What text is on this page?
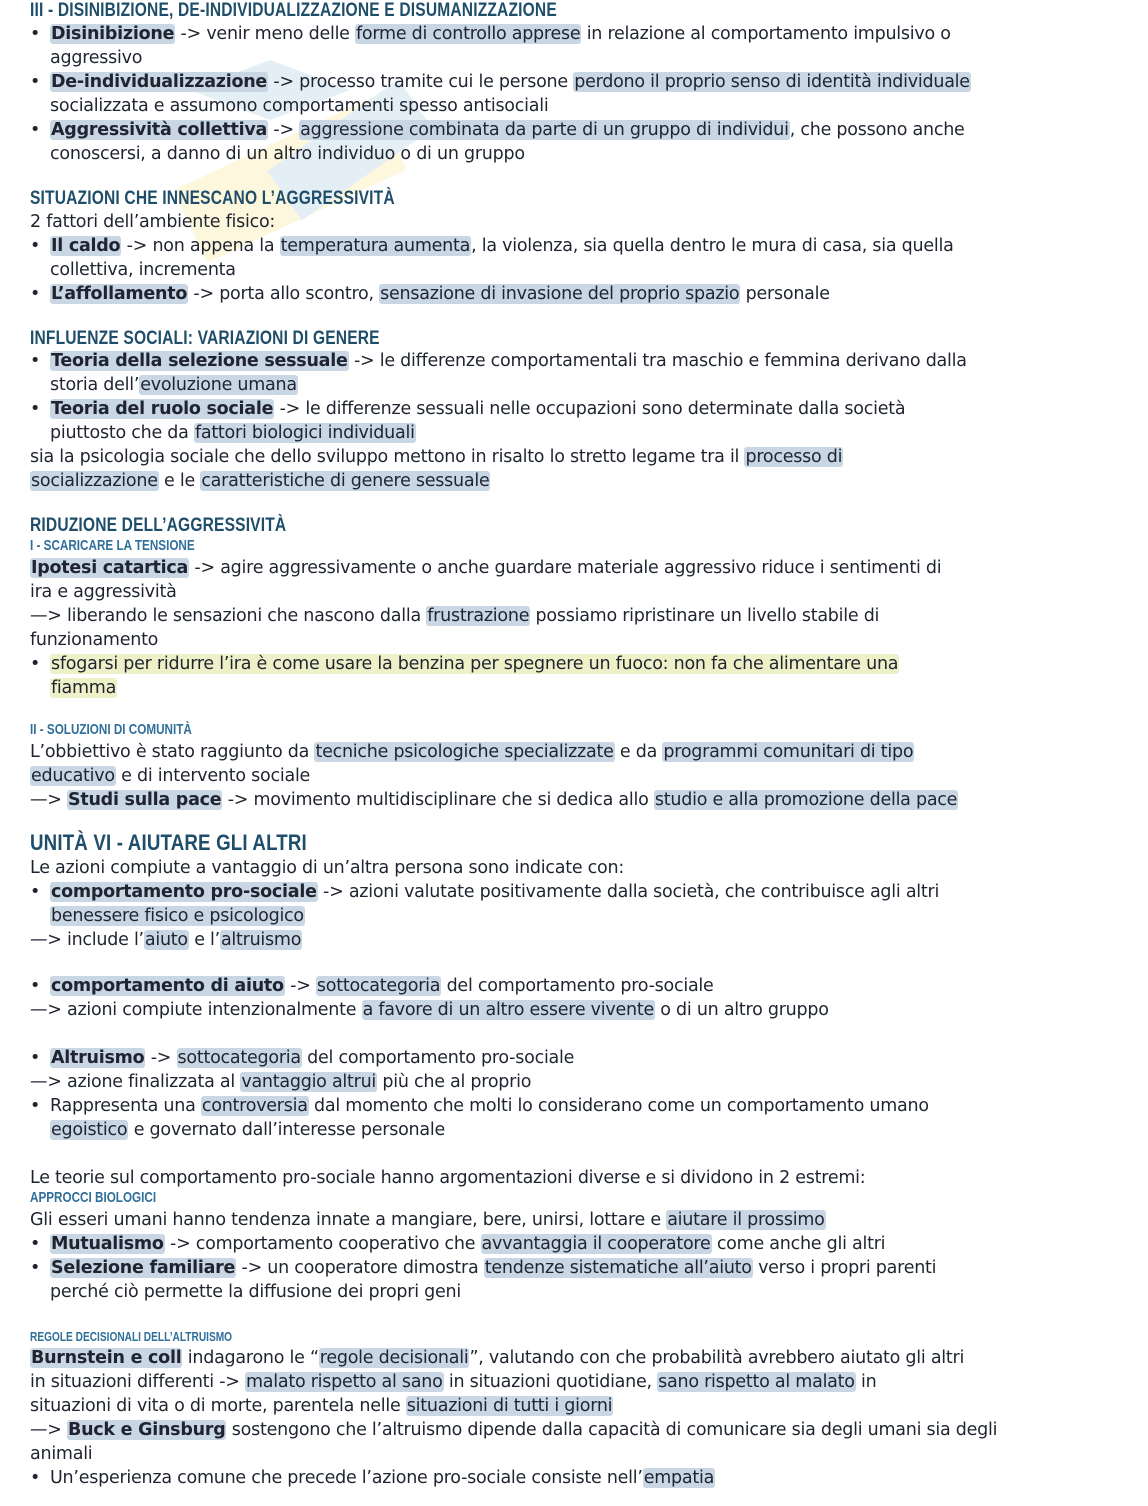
III - DISINIBIZIONE, DE-INDIVIDUALIZZAZIONE E DISUMANIZZAZIONE
• Disinibizione -> venir meno delle forme di controllo apprese in relazione al comportamento impulsivo o
aggressivo
• De-individualizzazione -> processo tramite cui le persone perdono il proprio senso di identità individuale
socializzata e assumono comportamenti spesso antisociali
• Aggressività collettiva -> aggressione combinata da parte di un gruppo di individui, che possono anche
conoscersi, a danno di un altro individuo o di un gruppo
SITUAZIONI CHE INNESCANO L’AGGRESSIVITÀ
2 fattori dell’ambiente fisico:
• Il caldo -> non appena la temperatura aumenta, la violenza, sia quella dentro le mura di casa, sia quella
collettiva, incrementa
• L’affollamento -> porta allo scontro, sensazione di invasione del proprio spazio personale
INFLUENZE SOCIALI: VARIAZIONI DI GENERE
• Teoria della selezione sessuale -> le differenze comportamentali tra maschio e femmina derivano dalla
storia dell’evoluzione umana
• Teoria del ruolo sociale -> le differenze sessuali nelle occupazioni sono determinate dalla società
piuttosto che da fattori biologici individuali
sia la psicologia sociale che dello sviluppo mettono in risalto lo stretto legame tra il processo di
socializzazione e le caratteristiche di genere sessuale
RIDUZIONE DELL’AGGRESSIVITÀ
I - SCARICARE LA TENSIONE
Ipotesi catartica -> agire aggressivamente o anche guardare materiale aggressivo riduce i sentimenti di
ira e aggressività
—> liberando le sensazioni che nascono dalla frustrazione possiamo ripristinare un livello stabile di
funzionamento
• sfogarsi per ridurre l’ira è come usare la benzina per spegnere un fuoco: non fa che alimentare una
fiamma
II - SOLUZIONI DI COMUNITÀ
L’obbiettivo è stato raggiunto da tecniche psicologiche specializzate e da programmi comunitari di tipo
educativo e di intervento sociale
—> Studi sulla pace -> movimento multidisciplinare che si dedica allo studio e alla promozione della pace
UNITÀ VI - AIUTARE GLI ALTRI
Le azioni compiute a vantaggio di un’altra persona sono indicate con:
• comportamento pro-sociale -> azioni valutate positivamente dalla società, che contribuisce agli altri
benessere fisico e psicologico
—> include l’aiuto e l’altruismo
• comportamento di aiuto -> sottocategoria del comportamento pro-sociale
—> azioni compiute intenzionalmente a favore di un altro essere vivente o di un altro gruppo
• Altruismo -> sottocategoria del comportamento pro-sociale
—> azione finalizzata al vantaggio altrui più che al proprio
• Rappresenta una controversia dal momento che molti lo considerano come un comportamento umano
egoistico e governato dall’interesse personale
Le teorie sul comportamento pro-sociale hanno argomentazioni diverse e si dividono in 2 estremi:
APPROCCI BIOLOGICI
Gli esseri umani hanno tendenza innate a mangiare, bere, unirsi, lottare e aiutare il prossimo
• Mutualismo -> comportamento cooperativo che avvantaggia il cooperatore come anche gli altri
• Selezione familiare -> un cooperatore dimostra tendenze sistematiche all’aiuto verso i propri parenti
perché ciò permette la diffusione dei propri geni
REGOLE DECISIONALI DELL’ALTRUISMO
Burnstein e coll indagarono le “regole decisionali”, valutando con che probabilità avrebbero aiutato gli altri
in situazioni differenti -> malato rispetto al sano in situazioni quotidiane, sano rispetto al malato in
situazioni di vita o di morte, parentela nelle situazioni di tutti i giorni
—> Buck e Ginsburg sostengono che l’altruismo dipende dalla capacità di comunicare sia degli umani sia degli
animali
• Un’esperienza comune che precede l’azione pro-sociale consiste nell’empatia
